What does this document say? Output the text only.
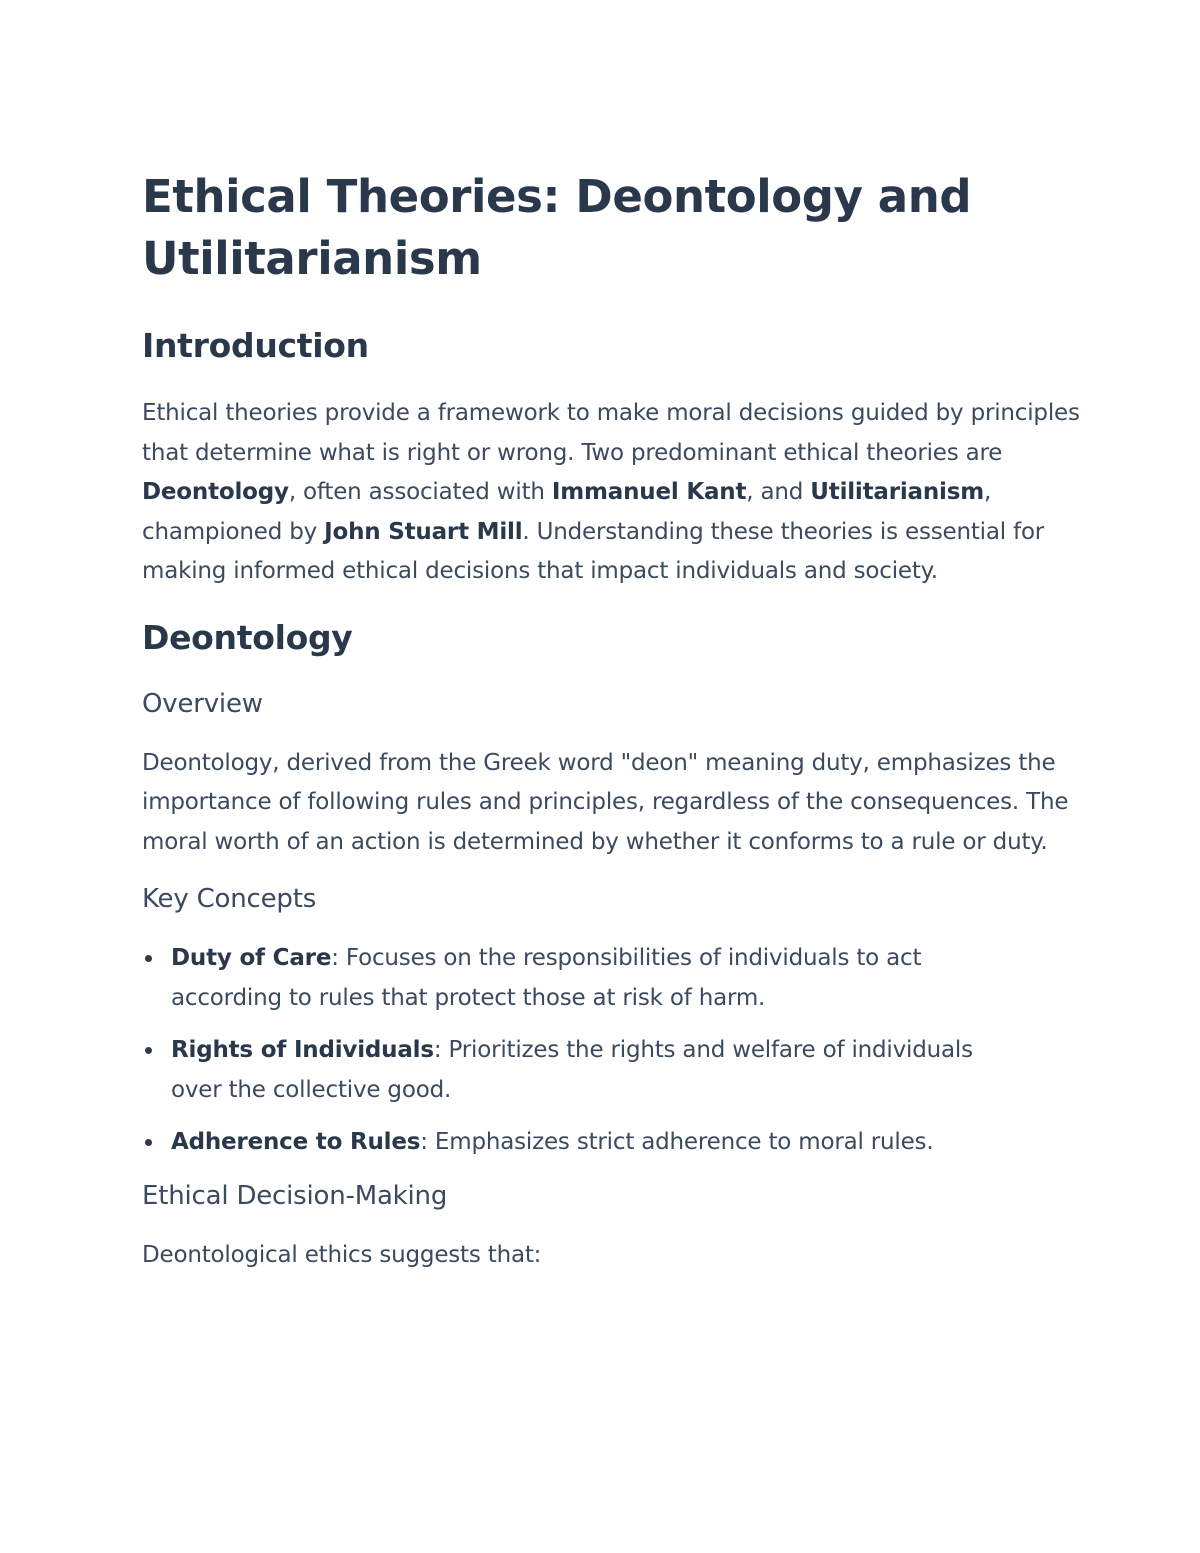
Ethical Theories: Deontology and Utilitarianism
Introduction

Ethical theories provide a framework to make moral decisions guided by principles that determine what is right or wrong. Two predominant ethical theories are Deontology, often associated with Immanuel Kant, and Utilitarianism, championed by John Stuart Mill. Understanding these theories is essential for making informed ethical decisions that impact individuals and society.

Deontology
Overview

Deontology, derived from the Greek word "deon" meaning duty, emphasizes the importance of following rules and principles, regardless of the consequences. The moral worth of an action is determined by whether it conforms to a rule or duty.

Key Concepts
Duty of Care: Focuses on the responsibilities of individuals to act according to rules that protect those at risk of harm.
Rights of Individuals: Prioritizes the rights and welfare of individuals over the collective good.
Adherence to Rules: Emphasizes strict adherence to moral rules.
Ethical Decision-Making

Deontological ethics suggests that:
